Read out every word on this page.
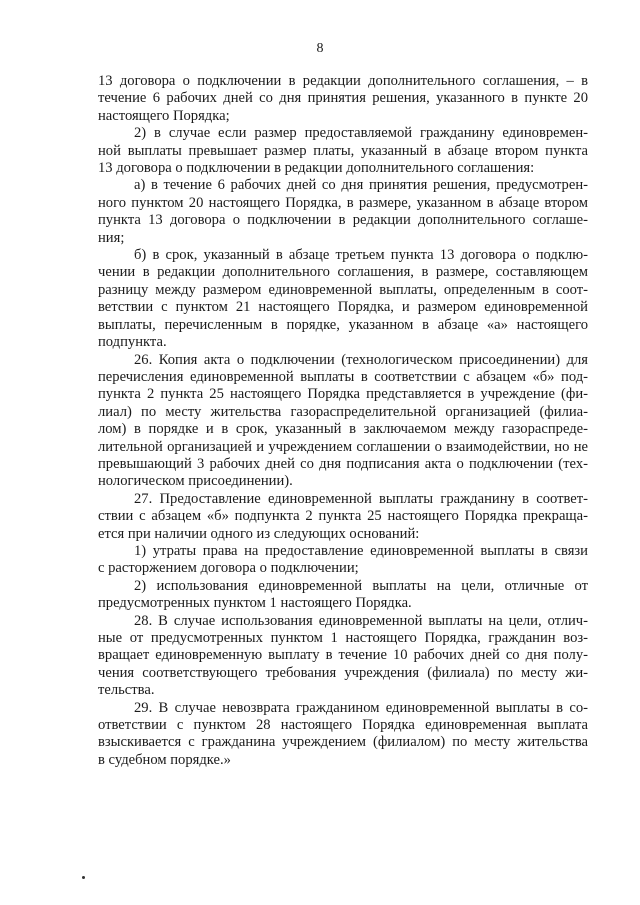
8
13 договора о подключении в редакции дополнительного соглашения, – в
течение 6 рабочих дней со дня принятия решения, указанного в пункте 20
настоящего Порядка;
2) в случае если размер предоставляемой гражданину единовремен-
ной выплаты превышает размер платы, указанный в абзаце втором пункта
13 договора о подключении в редакции дополнительного соглашения:
а) в течение 6 рабочих дней со дня принятия решения, предусмотрен-
ного пунктом 20 настоящего Порядка, в размере, указанном в абзаце втором
пункта 13 договора о подключении в редакции дополнительного соглаше-
ния;
б) в срок, указанный в абзаце третьем пункта 13 договора о подклю-
чении в редакции дополнительного соглашения, в размере, составляющем
разницу между размером единовременной выплаты, определенным в соот-
ветствии с пунктом 21 настоящего Порядка, и размером единовременной
выплаты, перечисленным в порядке, указанном в абзаце «а» настоящего
подпункта.
26. Копия акта о подключении (технологическом присоединении) для
перечисления единовременной выплаты в соответствии с абзацем «б» под-
пункта 2 пункта 25 настоящего Порядка представляется в учреждение (фи-
лиал) по месту жительства газораспределительной организацией (филиа-
лом) в порядке и в срок, указанный в заключаемом между газораспреде-
лительной организацией и учреждением соглашении о взаимодействии, но не
превышающий 3 рабочих дней со дня подписания акта о подключении (тех-
нологическом присоединении).
27. Предоставление единовременной выплаты гражданину в соответ-
ствии с абзацем «б» подпункта 2 пункта 25 настоящего Порядка прекраща-
ется при наличии одного из следующих оснований:
1) утраты права на предоставление единовременной выплаты в связи
с расторжением договора о подключении;
2) использования единовременной выплаты на цели, отличные от
предусмотренных пунктом 1 настоящего Порядка.
28. В случае использования единовременной выплаты на цели, отлич-
ные от предусмотренных пунктом 1 настоящего Порядка, гражданин воз-
вращает единовременную выплату в течение 10 рабочих дней со дня полу-
чения соответствующего требования учреждения (филиала) по месту жи-
тельства.
29. В случае невозврата гражданином единовременной выплаты в со-
ответствии с пунктом 28 настоящего Порядка единовременная выплата
взыскивается с гражданина учреждением (филиалом) по месту жительства
в судебном порядке.»
